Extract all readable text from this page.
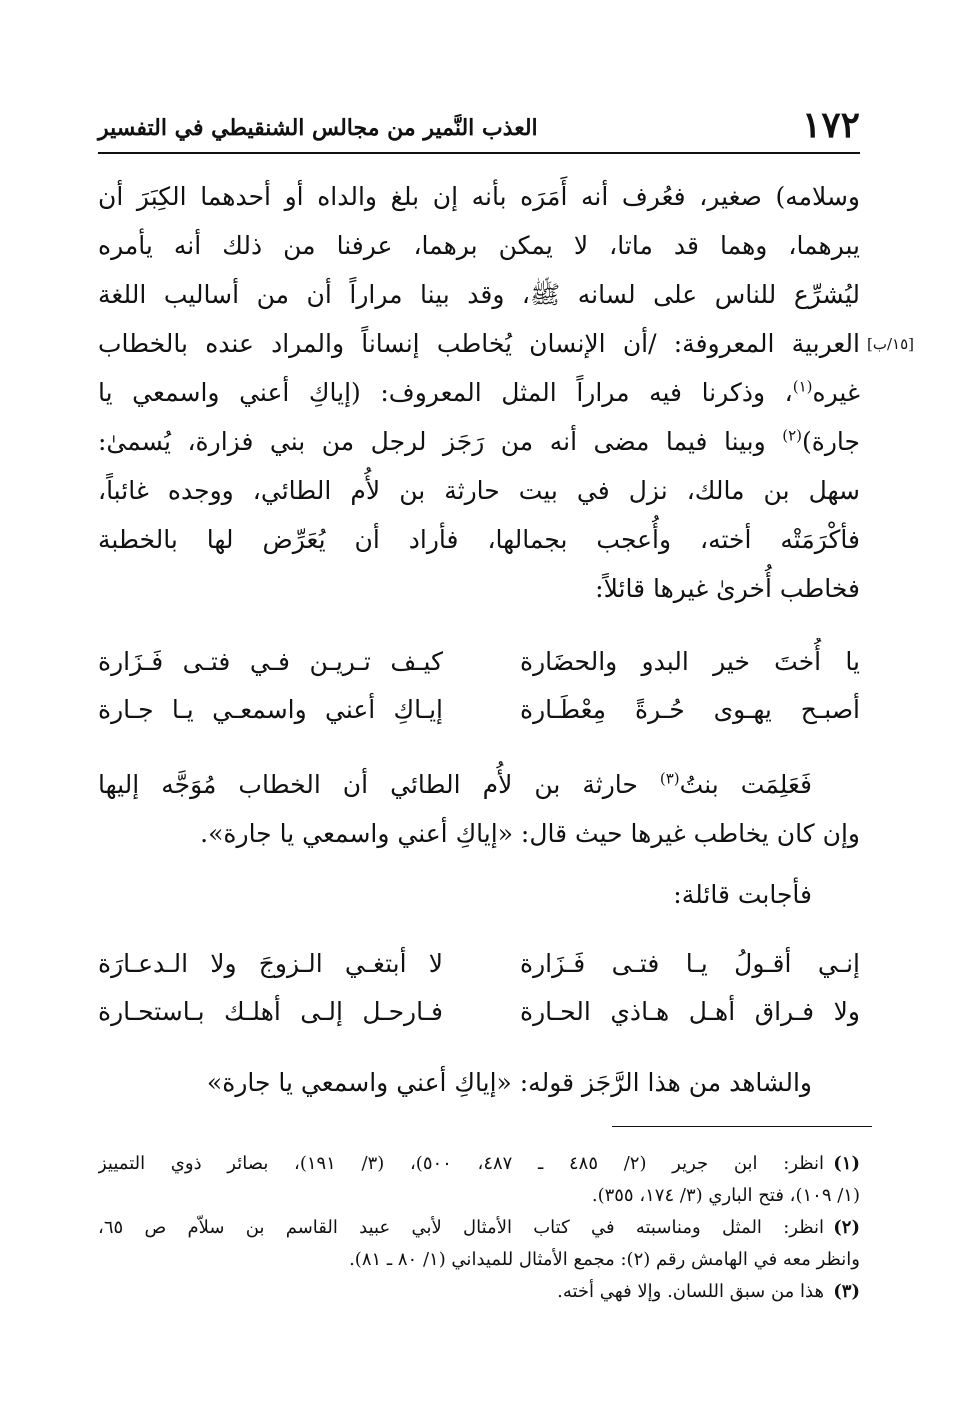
١٧٢
العذب النَّمير من مجالس الشنقيطي في التفسير
[١٥/ب]
وسلامه) صغير، فعُرف أنه أَمَرَه بأنه إن بلغ والداه أو أحدهما الكِبَرَ أن
يبرهما، وهما قد ماتا، لا يمكن برهما، عرفنا من ذلك أنه يأمره
ليُشرِّع للناس على لسانه ﷺ، وقد بينا مراراً أن من أساليب اللغة
العربية المعروفة: /أن الإنسان يُخاطب إنساناً والمراد عنده بالخطاب
غيره$^{(١)}$، وذكرنا فيه مراراً المثل المعروف: (إياكِ أعني واسمعي يا
جارة)$^{(٢)}$ وبينا فيما مضى أنه من رَجَز لرجل من بني فزارة، يُسمىٰ:
سهل بن مالك، نزل في بيت حارثة بن لأُم الطائي، ووجده غائباً،
فأكْرَمَتْه أخته، وأُعجب بجمالها، فأراد أن يُعَرِّض لها بالخطبة
فخاطب أُخرىٰ غيرها قائلاً:
يا أُختَ خير البدو والحضَارة
كيـف تـريـن فـي فتـى فَـزَارة
أصبـح يهـوى حُـرةً مِعْطَـارة
إيـاكِ أعني واسمعـي يـا جـارة
فَعَلِمَت بنتُ$^{(٣)}$ حارثة بن لأُم الطائي أن الخطاب مُوَجَّه إليها
وإن كان يخاطب غيرها حيث قال: «إياكِ أعني واسمعي يا جارة».
فأجابت قائلة:
إنـي أقـولُ يـا فتـى فَـزَارة
لا أبتغـي الـزوجَ ولا الـدعـارَة
ولا فـراق أهـل هـاذي الحـارة
فـارحـل إلـى أهلـك بـاستحـارة
والشاهد من هذا الرَّجَز قوله: «إياكِ أعني واسمعي يا جارة»
(١)انظر: ابن جرير (٢/ ٤٨٥ ـ ٤٨٧، ٥٠٠)، (٣/ ١٩١)، بصائر ذوي التمييز
(١/ ١٠٩)، فتح الباري (٣/ ١٧٤، ٣٥٥).
(٢)انظر: المثل ومناسبته في كتاب الأمثال لأبي عبيد القاسم بن سلاّم ص ٦٥،
وانظر معه في الهامش رقم (٢): مجمع الأمثال للميداني (١/ ٨٠ ـ ٨١).
(٣)هذا من سبق اللسان. وإلا فهي أخته.
